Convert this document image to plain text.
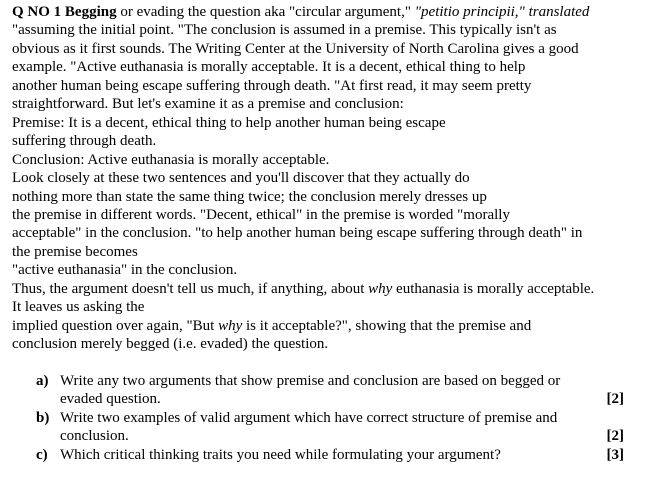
Q NO 1 Begging or evading the question aka "circular argument," "petitio principii," translated
"assuming the initial point. "The conclusion is assumed in a premise. This typically isn't as
obvious as it first sounds. The Writing Center at the University of North Carolina gives a good
example. "Active euthanasia is morally acceptable. It is a decent, ethical thing to help
another human being escape suffering through death. "At first read, it may seem pretty
straightforward. But let's examine it as a premise and conclusion:
Premise: It is a decent, ethical thing to help another human being escape
suffering through death.
Conclusion: Active euthanasia is morally acceptable.
Look closely at these two sentences and you'll discover that they actually do
nothing more than state the same thing twice; the conclusion merely dresses up
the premise in different words. "Decent, ethical" in the premise is worded "morally
acceptable" in the conclusion. "to help another human being escape suffering through death" in
the premise becomes
"active euthanasia" in the conclusion.
Thus, the argument doesn't tell us much, if anything, about why euthanasia is morally acceptable.
It leaves us asking the
implied question over again, "But why is it acceptable?", showing that the premise and
conclusion merely begged (i.e. evaded) the question.
a) Write any two arguments that show premise and conclusion are based on begged or evaded question.	[2]
b) Write two examples of valid argument which have correct structure of premise and conclusion.	[2]
c) Which critical thinking traits you need while formulating your argument?	[3]
